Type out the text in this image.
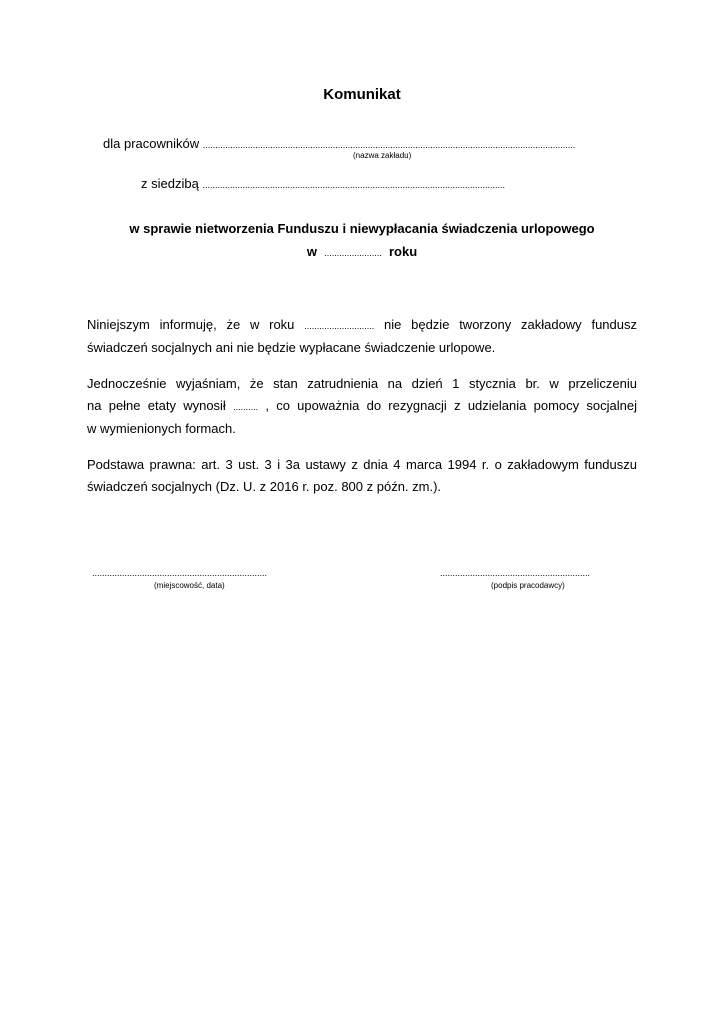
Komunikat
dla pracowników .....................................................................................................................................................
(nazwa zakładu)
z siedzibą .........................................................................................................................
w sprawie nietworzenia Funduszu i niewypłacania świadczenia urlopowego
w ....................... roku
Niniejszym informuję, że w roku ............................ nie będzie tworzony zakładowy fundusz
świadczeń socjalnych ani nie będzie wypłacane świadczenie urlopowe.
Jednocześnie wyjaśniam, że stan zatrudnienia na dzień 1 stycznia br. w przeliczeniu
na pełne etaty wynosił .......... , co upoważnia do rezygnacji z udzielania pomocy socjalnej
w wymienionych formach.
Podstawa prawna: art. 3 ust. 3 i 3a ustawy z dnia 4 marca 1994 r. o zakładowym funduszu
świadczeń socjalnych (Dz. U. z 2016 r. poz. 800 z późn. zm.).
......................................................................
(miejscowość, data)
............................................................
(podpis pracodawcy)
